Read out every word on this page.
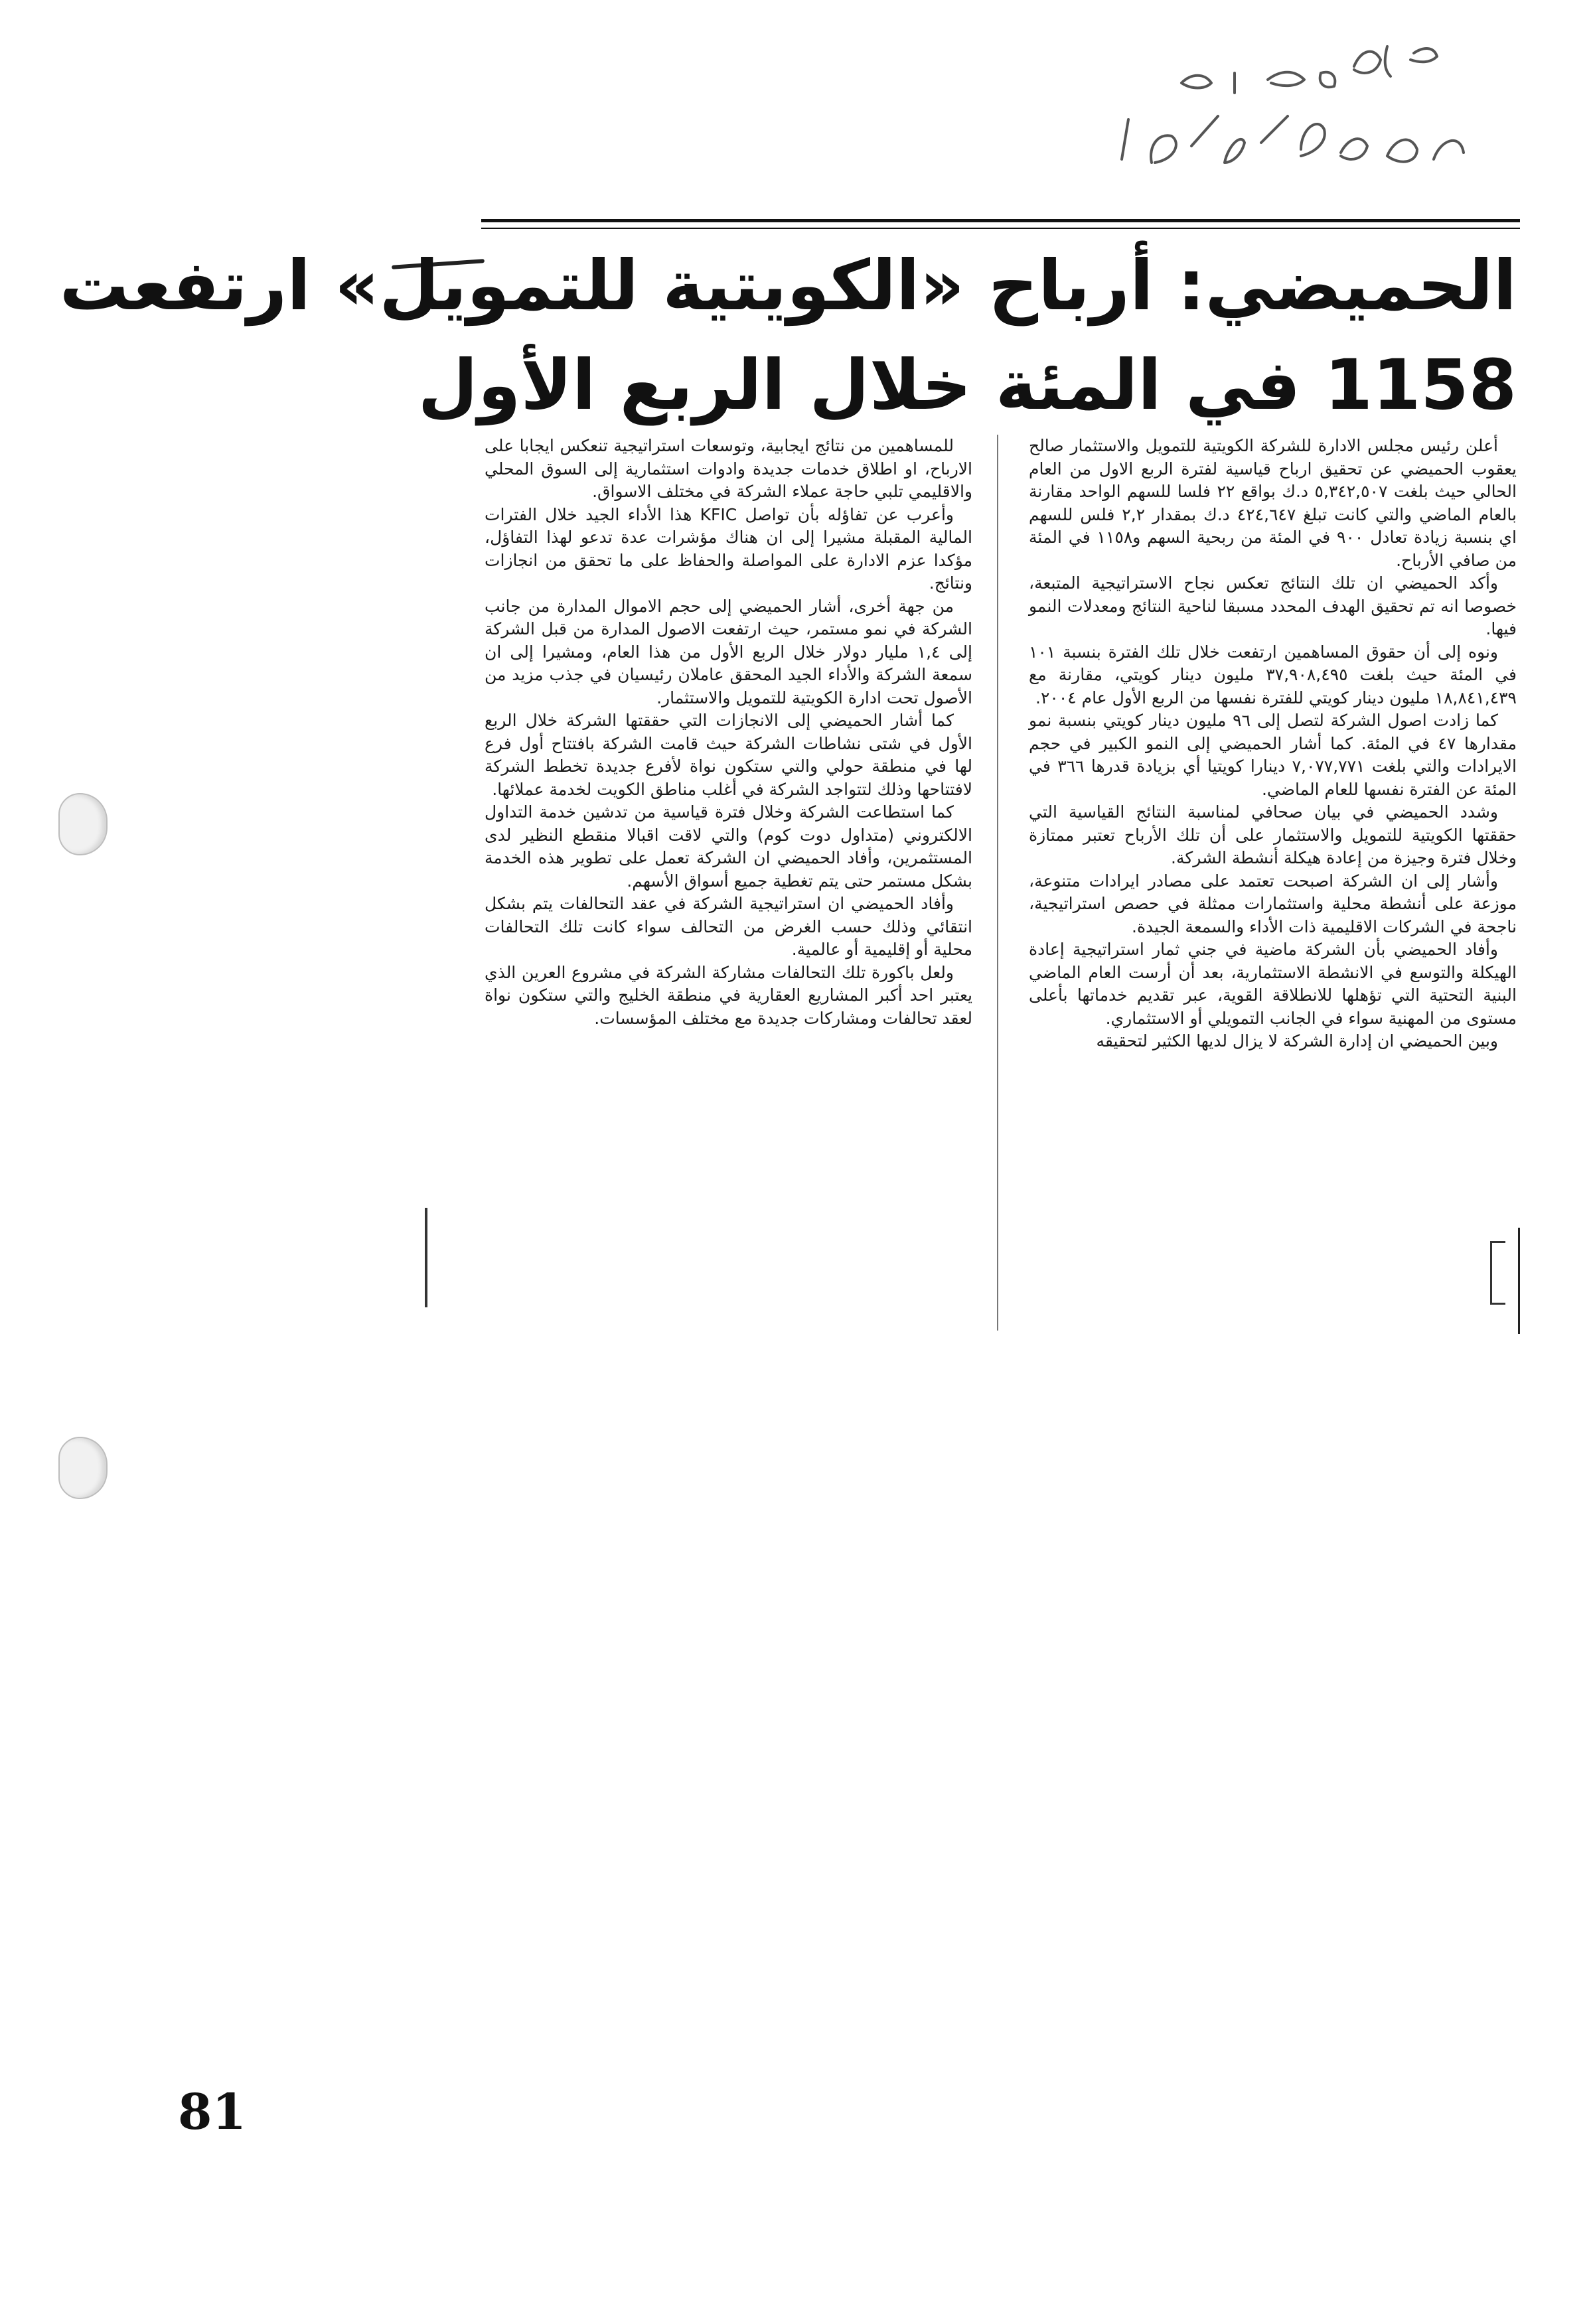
الحميضي: أرباح «الكويتية للتمويل» ارتفعت
1158 في المئة خلال الربع الأول

أعلن رئيس مجلس الادارة للشركة الكويتية للتمويل والاستثمار صالح يعقوب الحميضي عن تحقيق ارباح قياسية لفترة الربع الاول من العام الحالي حيث بلغت ٥,٣٤٢,٥٠٧ د.ك بواقع ٢٢ فلسا للسهم الواحد مقارنة بالعام الماضي والتي كانت تبلغ ٤٢٤,٦٤٧ د.ك بمقدار ٢,٢ فلس للسهم اي بنسبة زيادة تعادل ٩٠٠ في المئة من ربحية السهم و١١٥٨ في المئة من صافي الأرباح.

وأكد الحميضي ان تلك النتائج تعكس نجاح الاستراتيجية المتبعة، خصوصا انه تم تحقيق الهدف المحدد مسبقا لناحية النتائج ومعدلات النمو فيها.

ونوه إلى أن حقوق المساهمين ارتفعت خلال تلك الفترة بنسبة ١٠١ في المئة حيث بلغت ٣٧,٩٠٨,٤٩٥ مليون دينار كويتي، مقارنة مع ١٨,٨٤١,٤٣٩ مليون دينار كويتي للفترة نفسها من الربع الأول عام ٢٠٠٤.

كما زادت اصول الشركة لتصل إلى ٩٦ مليون دينار كويتي بنسبة نمو مقدارها ٤٧ في المئة. كما أشار الحميضي إلى النمو الكبير في حجم الايرادات والتي بلغت ٧,٠٧٧,٧٧١ دينارا كويتيا أي بزيادة قدرها ٣٦٦ في المئة عن الفترة نفسها للعام الماضي.

وشدد الحميضي في بيان صحافي لمناسبة النتائج القياسية التي حققتها الكويتية للتمويل والاستثمار على أن تلك الأرباح تعتبر ممتازة وخلال فترة وجيزة من إعادة هيكلة أنشطة الشركة.

وأشار إلى ان الشركة اصبحت تعتمد على مصادر ايرادات متنوعة، موزعة على أنشطة محلية واستثمارات ممثلة في حصص استراتيجية، ناجحة في الشركات الاقليمية ذات الأداء والسمعة الجيدة.

وأفاد الحميضي بأن الشركة ماضية في جني ثمار استراتيجية إعادة الهيكلة والتوسع في الانشطة الاستثمارية، بعد أن أرست العام الماضي البنية التحتية التي تؤهلها للانطلاقة القوية، عبر تقديم خدماتها بأعلى مستوى من المهنية سواء في الجانب التمويلي أو الاستثماري.

وبين الحميضي ان إدارة الشركة لا يزال لديها الكثير لتحقيقه

للمساهمين من نتائج ايجابية، وتوسعات استراتيجية تنعكس ايجابا على الارباح، او اطلاق خدمات جديدة وادوات استثمارية إلى السوق المحلي والاقليمي تلبي حاجة عملاء الشركة في مختلف الاسواق.

وأعرب عن تفاؤله بأن تواصل KFIC هذا الأداء الجيد خلال الفترات المالية المقبلة مشيرا إلى ان هناك مؤشرات عدة تدعو لهذا التفاؤل، مؤكدا عزم الادارة على المواصلة والحفاظ على ما تحقق من انجازات ونتائج.

من جهة أخرى، أشار الحميضي إلى حجم الاموال المدارة من جانب الشركة في نمو مستمر، حيث ارتفعت الاصول المدارة من قبل الشركة إلى ١,٤ مليار دولار خلال الربع الأول من هذا العام، ومشيرا إلى ان سمعة الشركة والأداء الجيد المحقق عاملان رئيسيان في جذب مزيد من الأصول تحت ادارة الكويتية للتمويل والاستثمار.

كما أشار الحميضي إلى الانجازات التي حققتها الشركة خلال الربع الأول في شتى نشاطات الشركة حيث قامت الشركة بافتتاح أول فرع لها في منطقة حولي والتي ستكون نواة لأفرع جديدة تخطط الشركة لافتتاحها وذلك لتتواجد الشركة في أغلب مناطق الكويت لخدمة عملائها.

كما استطاعت الشركة وخلال فترة قياسية من تدشين خدمة التداول الالكتروني (متداول دوت كوم) والتي لاقت اقبالا منقطع النظير لدى المستثمرين، وأفاد الحميضي ان الشركة تعمل على تطوير هذه الخدمة بشكل مستمر حتى يتم تغطية جميع أسواق الأسهم.

وأفاد الحميضي ان استراتيجية الشركة في عقد التحالفات يتم بشكل انتقائي وذلك حسب الغرض من التحالف سواء كانت تلك التحالفات محلية أو إقليمية أو عالمية.

ولعل باكورة تلك التحالفات مشاركة الشركة في مشروع العرين الذي يعتبر احد أكبر المشاريع العقارية في منطقة الخليج والتي ستكون نواة لعقد تحالفات ومشاركات جديدة مع مختلف المؤسسات.

81
